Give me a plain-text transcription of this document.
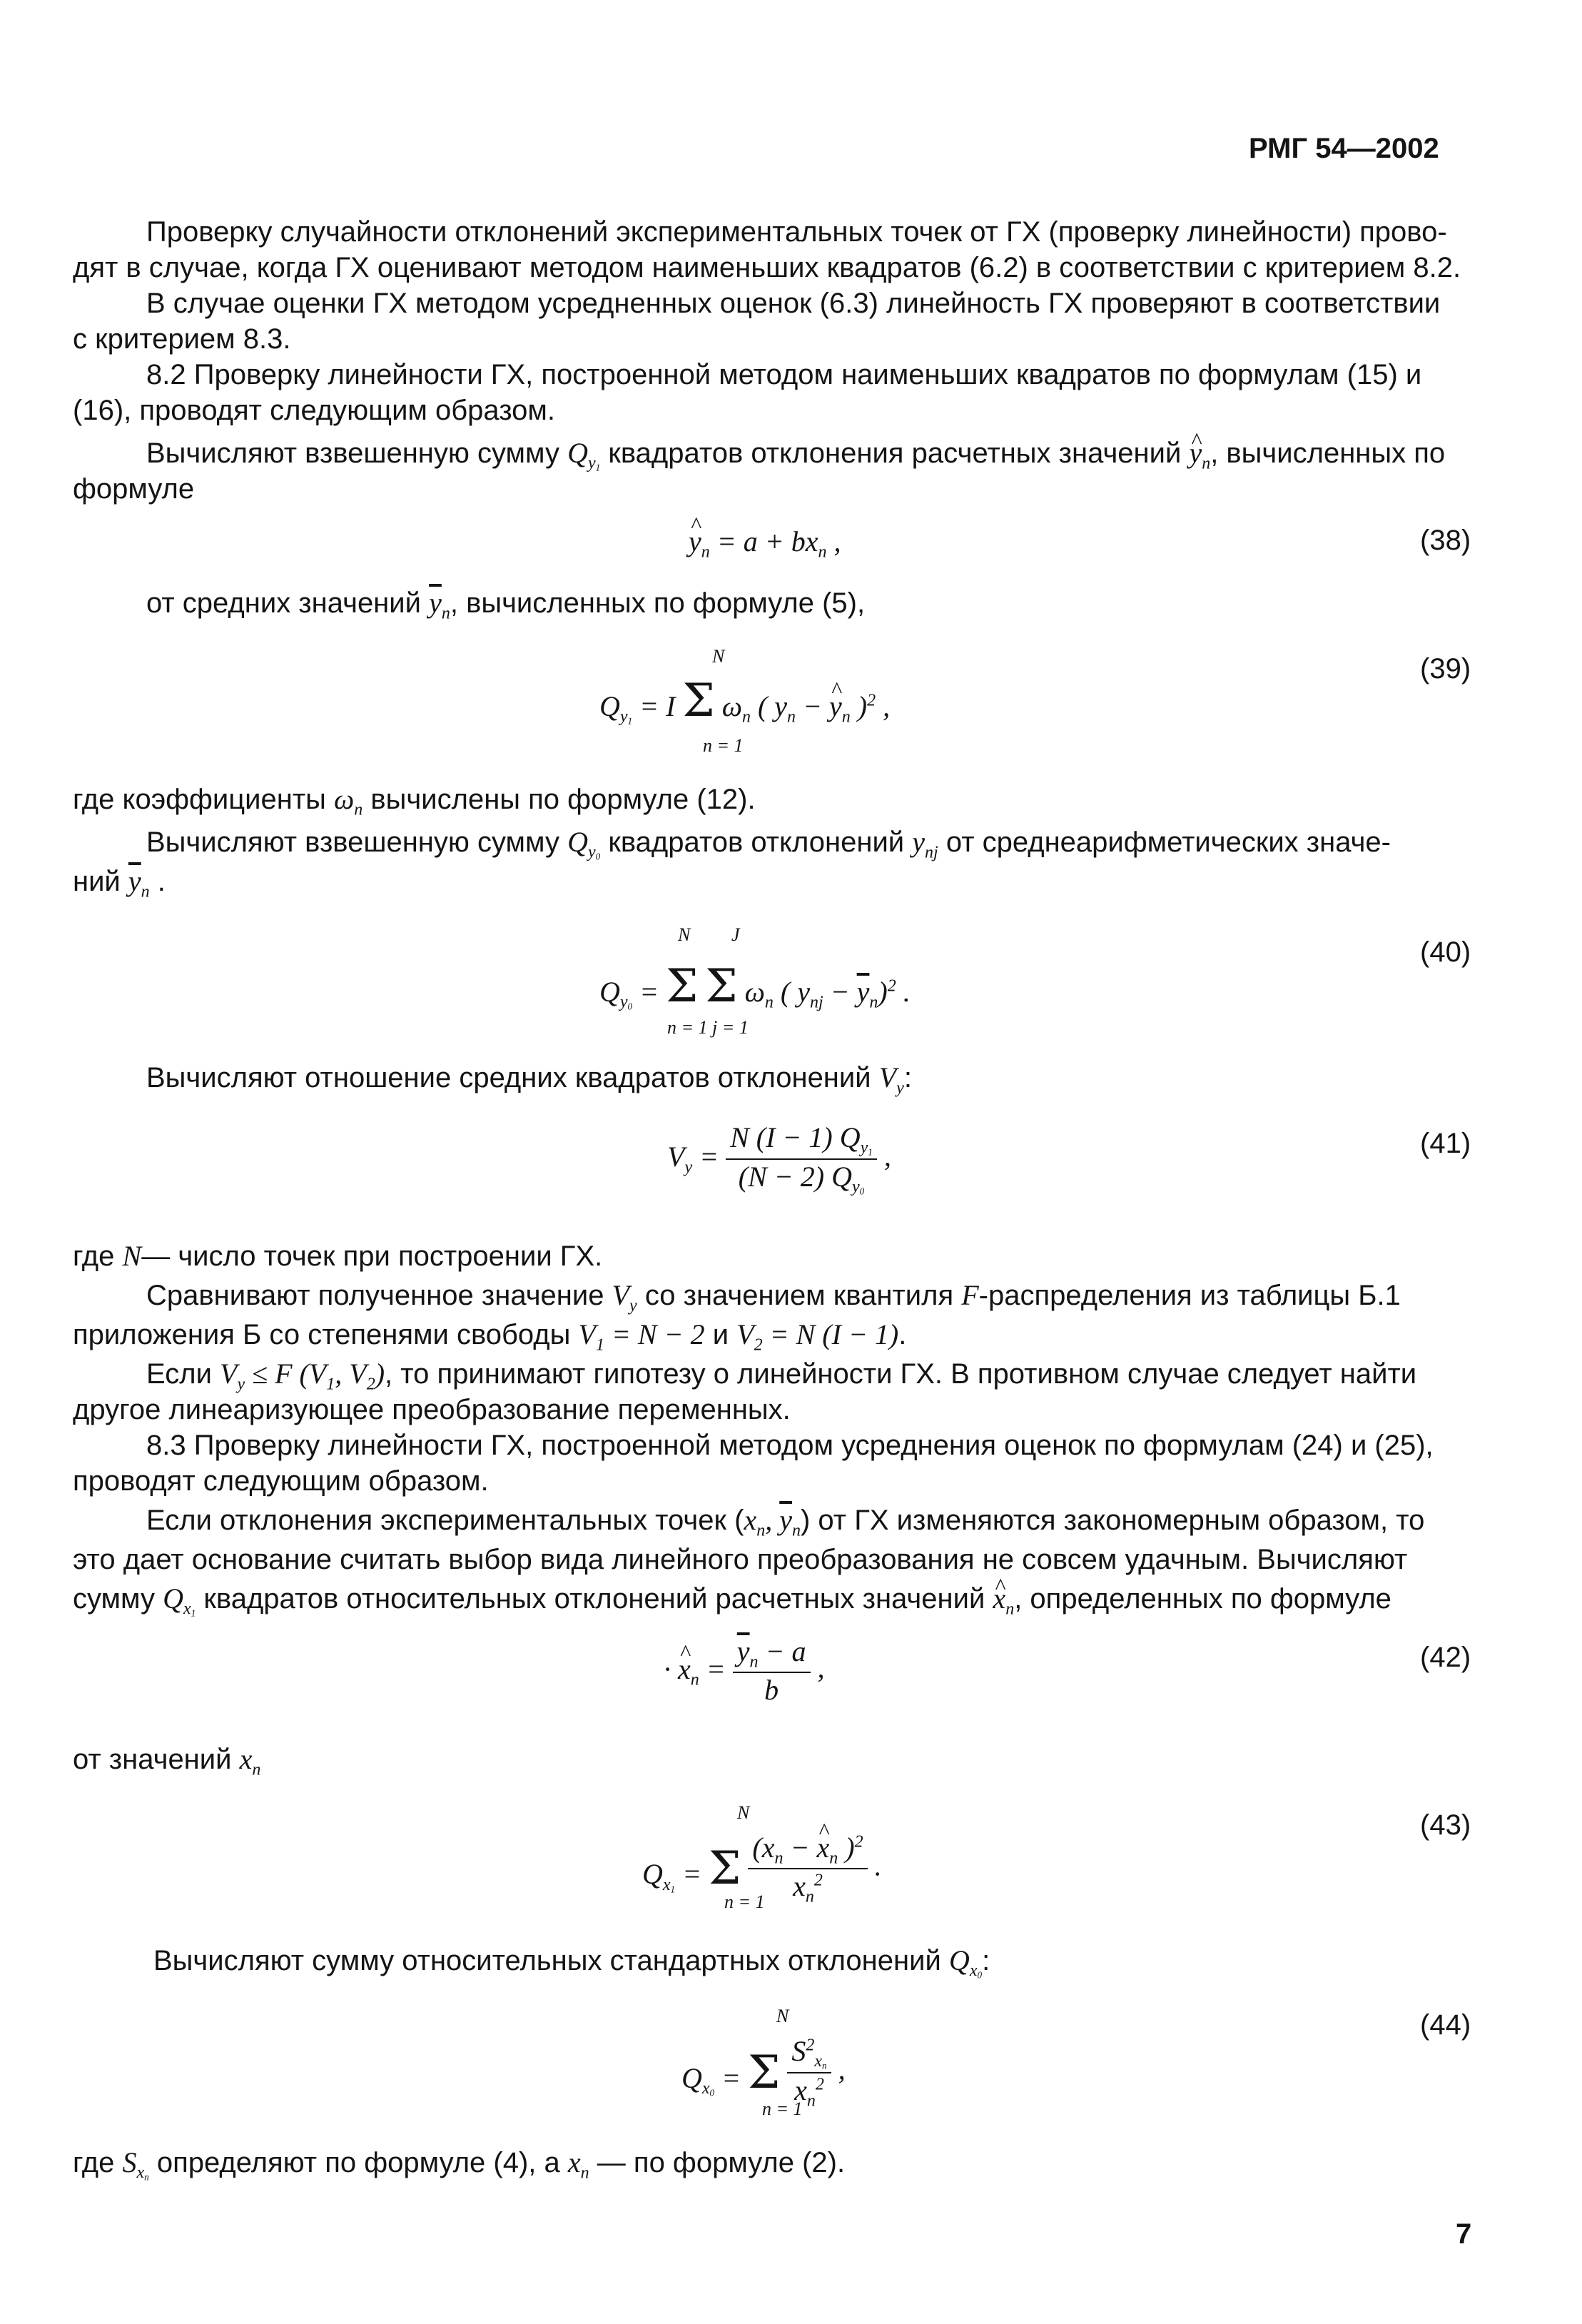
РМГ 54—2002
Проверку случайности отклонений экспериментальных точек от ГХ (проверку линейности) прово-
дят в случае, когда ГХ оценивают методом наименьших квадратов (6.2) в соответствии с критерием 8.2.
В случае оценки ГХ методом усредненных оценок (6.3) линейность ГХ проверяют в соответствии
с критерием 8.3.
8.2 Проверку линейности ГХ, построенной методом наименьших квадратов по формулам (15) и
(16), проводят следующим образом.
Вычисляют взвешенную сумму $Q_{y1}$ квадратов отклонения расчетных значений ^ $y_n$, вычисленных по
формуле
^ $y_n = a + bx_n$ ,	(38)
от средних значений $\overline{y}_n$, вычисленных по формуле (5),
N
$Q_{y1} = I$ Σ $\omega_n$ ( $y_n$ − ^ $y_n$ )$^2$ ,
n = 1
(39)
где коэффициенты $\omega_n$ вычислены по формуле (12).
Вычисляют взвешенную сумму $Q_{y0}$ квадратов отклонений $y_{nj}$ от среднеарифметических значе-
ний $\overline{y}_n$ .
N J
$Q_{y0} = \Sigma$ Σ $\omega_n$ ( $y_{nj} - \overline{y}_n)^2$ .
n = 1 j = 1
(40)
Вычисляют отношение средних квадратов отклонений $V_y$:
$V_y = \frac{N (I - 1) Q_{y1}}{(N - 2) Q_{y0}}$ ,	(41)
где N— число точек при построении ГХ.
Сравнивают полученное значение $V_y$ со значением квантиля F-распределения из таблицы Б.1
приложения Б со степенями свободы $V_1 = N - 2$ и $V_2 = N$ (I − 1).
Если $V_y \le F$ ($V_1$, $V_2$), то принимают гипотезу о линейности ГХ. В противном случае следует найти
другое линеаризующее преобразование переменных.
8.3 Проверку линейности ГХ, построенной методом усреднения оценок по формулам (24) и (25),
проводят следующим образом.
Если отклонения экспериментальных точек ($x_n$, $\overline{y}_n$) от ГХ изменяются закономерным образом, то
это дает основание считать выбор вида линейного преобразования не совсем удачным. Вычисляют
сумму $Q_{x1}$ квадратов относительных отклонений расчетных значений ^ $x_n$, определенных по формуле
· ^ $x_n = \frac{\overline{y}_n - a}{b}$ ,	(42)
от значений $x_n$
N
$Q_{x1} = \Sigma \frac{(x_n - \^{} x_n )^2}{x_n^2}$ .
n = 1
(43)
Вычисляют сумму относительных стандартных отклонений $Q_{x0}$:
N
$Q_{x0} = \Sigma \frac{S^2_{xn}}{x_n^2}$ ,
n = 1
(44)
где $S_{xn}$ определяют по формуле (4), а $x_n$ — по формуле (2).
7
